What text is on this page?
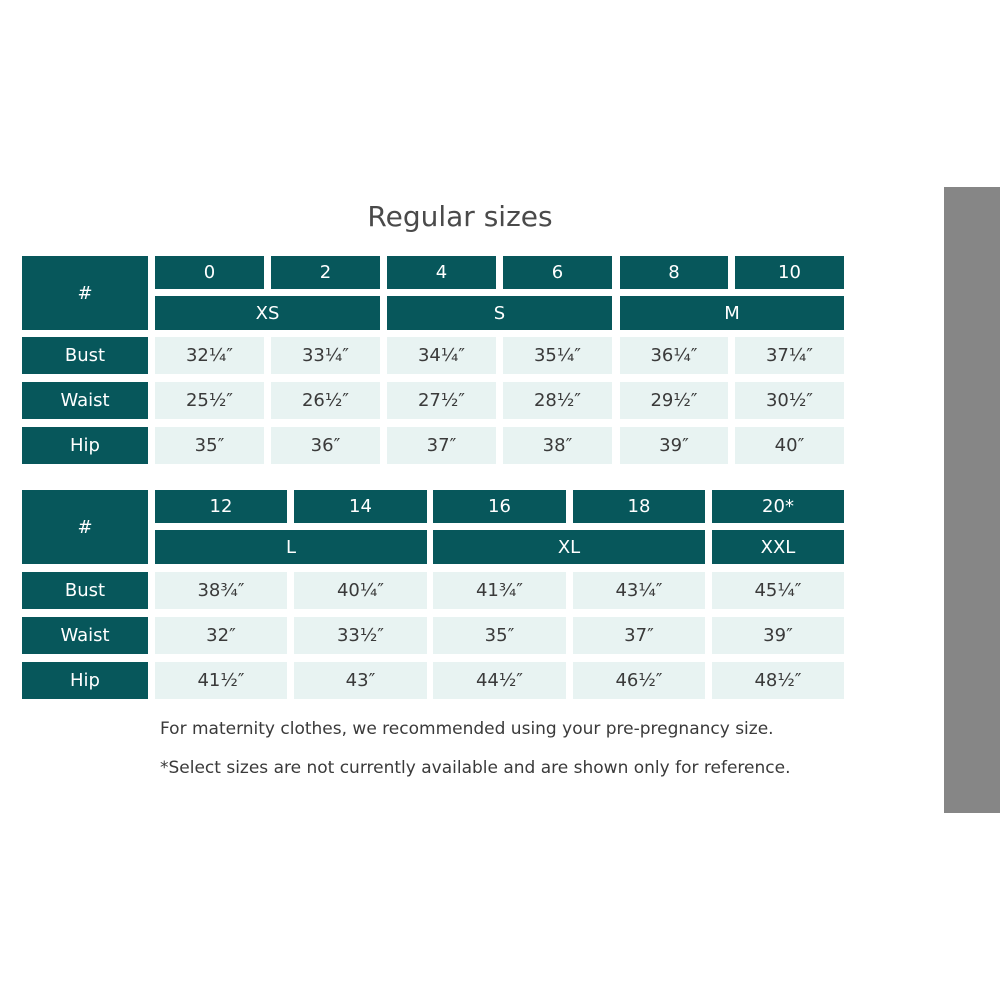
Regular sizes
#
0	2	4	6	8	10
XS	S	M
Bust	32¼″	33¼″	34¼″	35¼″	36¼″	37¼″
Waist	25½″	26½″	27½″	28½″	29½″	30½″
Hip	35″	36″	37″	38″	39″	40″
#
12	14	16	18	20*
L	XL	XXL
Bust	38¾″	40¼″	41¾″	43¼″	45¼″
Waist	32″	33½″	35″	37″	39″
Hip	41½″	43″	44½″	46½″	48½″
For maternity clothes, we recommended using your pre-pregnancy size.
*Select sizes are not currently available and are shown only for reference.
